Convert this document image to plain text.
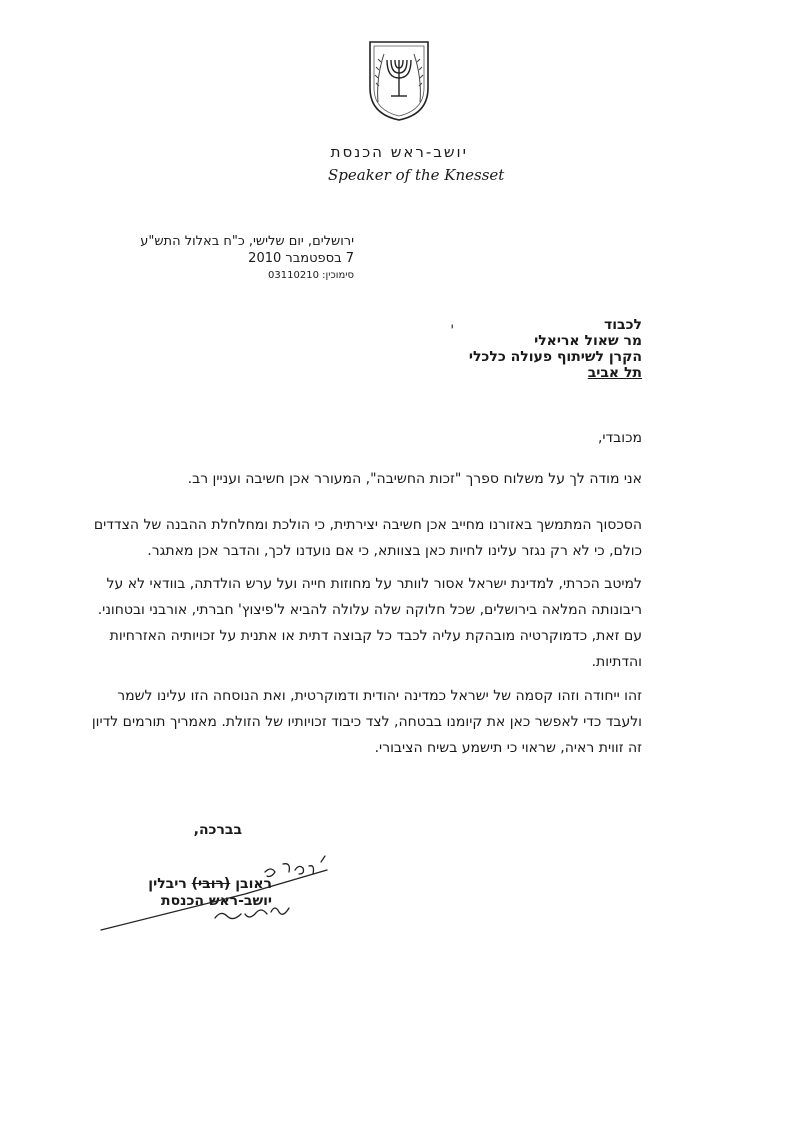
יושב-ראש הכנסת
Speaker of the Knesset
ירושלים, יום שלישי, כ"ח באלול התש"ע
7 בספטמבר 2010
סימוכין: 03110210
י	לכבוד
מר שאול אריאלי
הקרן לשיתוף פעולה כלכלי
תל אביב
מכובדי,
אני מודה לך על משלוח ספרך "זכות החשיבה", המעורר אכן חשיבה ועניין רב.
הסכסוך המתמשך באזורנו מחייב אכן חשיבה יצירתית, כי הולכת ומחלחלת ההבנה של הצדדים כולם, כי לא רק נגזר עלינו לחיות כאן בצוותא, כי אם נועדנו לכך, והדבר אכן מאתגר.
למיטב הכרתי, למדינת ישראל אסור לוותר על מחוזות חייה ועל ערש הולדתה, בוודאי לא על ריבונותה המלאה בירושלים, שכל חלוקה שלה עלולה להביא ל'פיצוץ' חברתי, אורבני ובטחוני. עם זאת, כדמוקרטיה מובהקת עליה לכבד כל קבוצה דתית או אתנית על זכויותיה האזרחיות והדתיות.
זהו ייחודה וזהו קסמה של ישראל כמדינה יהודית ודמוקרטית, ואת הנוסחה הזו עלינו לשמר ולעבד כדי לאפשר כאן את קיומנו בבטחה, לצד כיבוד זכויותיו של הזולת. מאמריך תורמים לדיון זה זווית ראיה, שראוי כי תישמע בשיח הציבורי.
בברכה,
ראובן (רובי) ריבלין
יושב-ראש הכנסת
